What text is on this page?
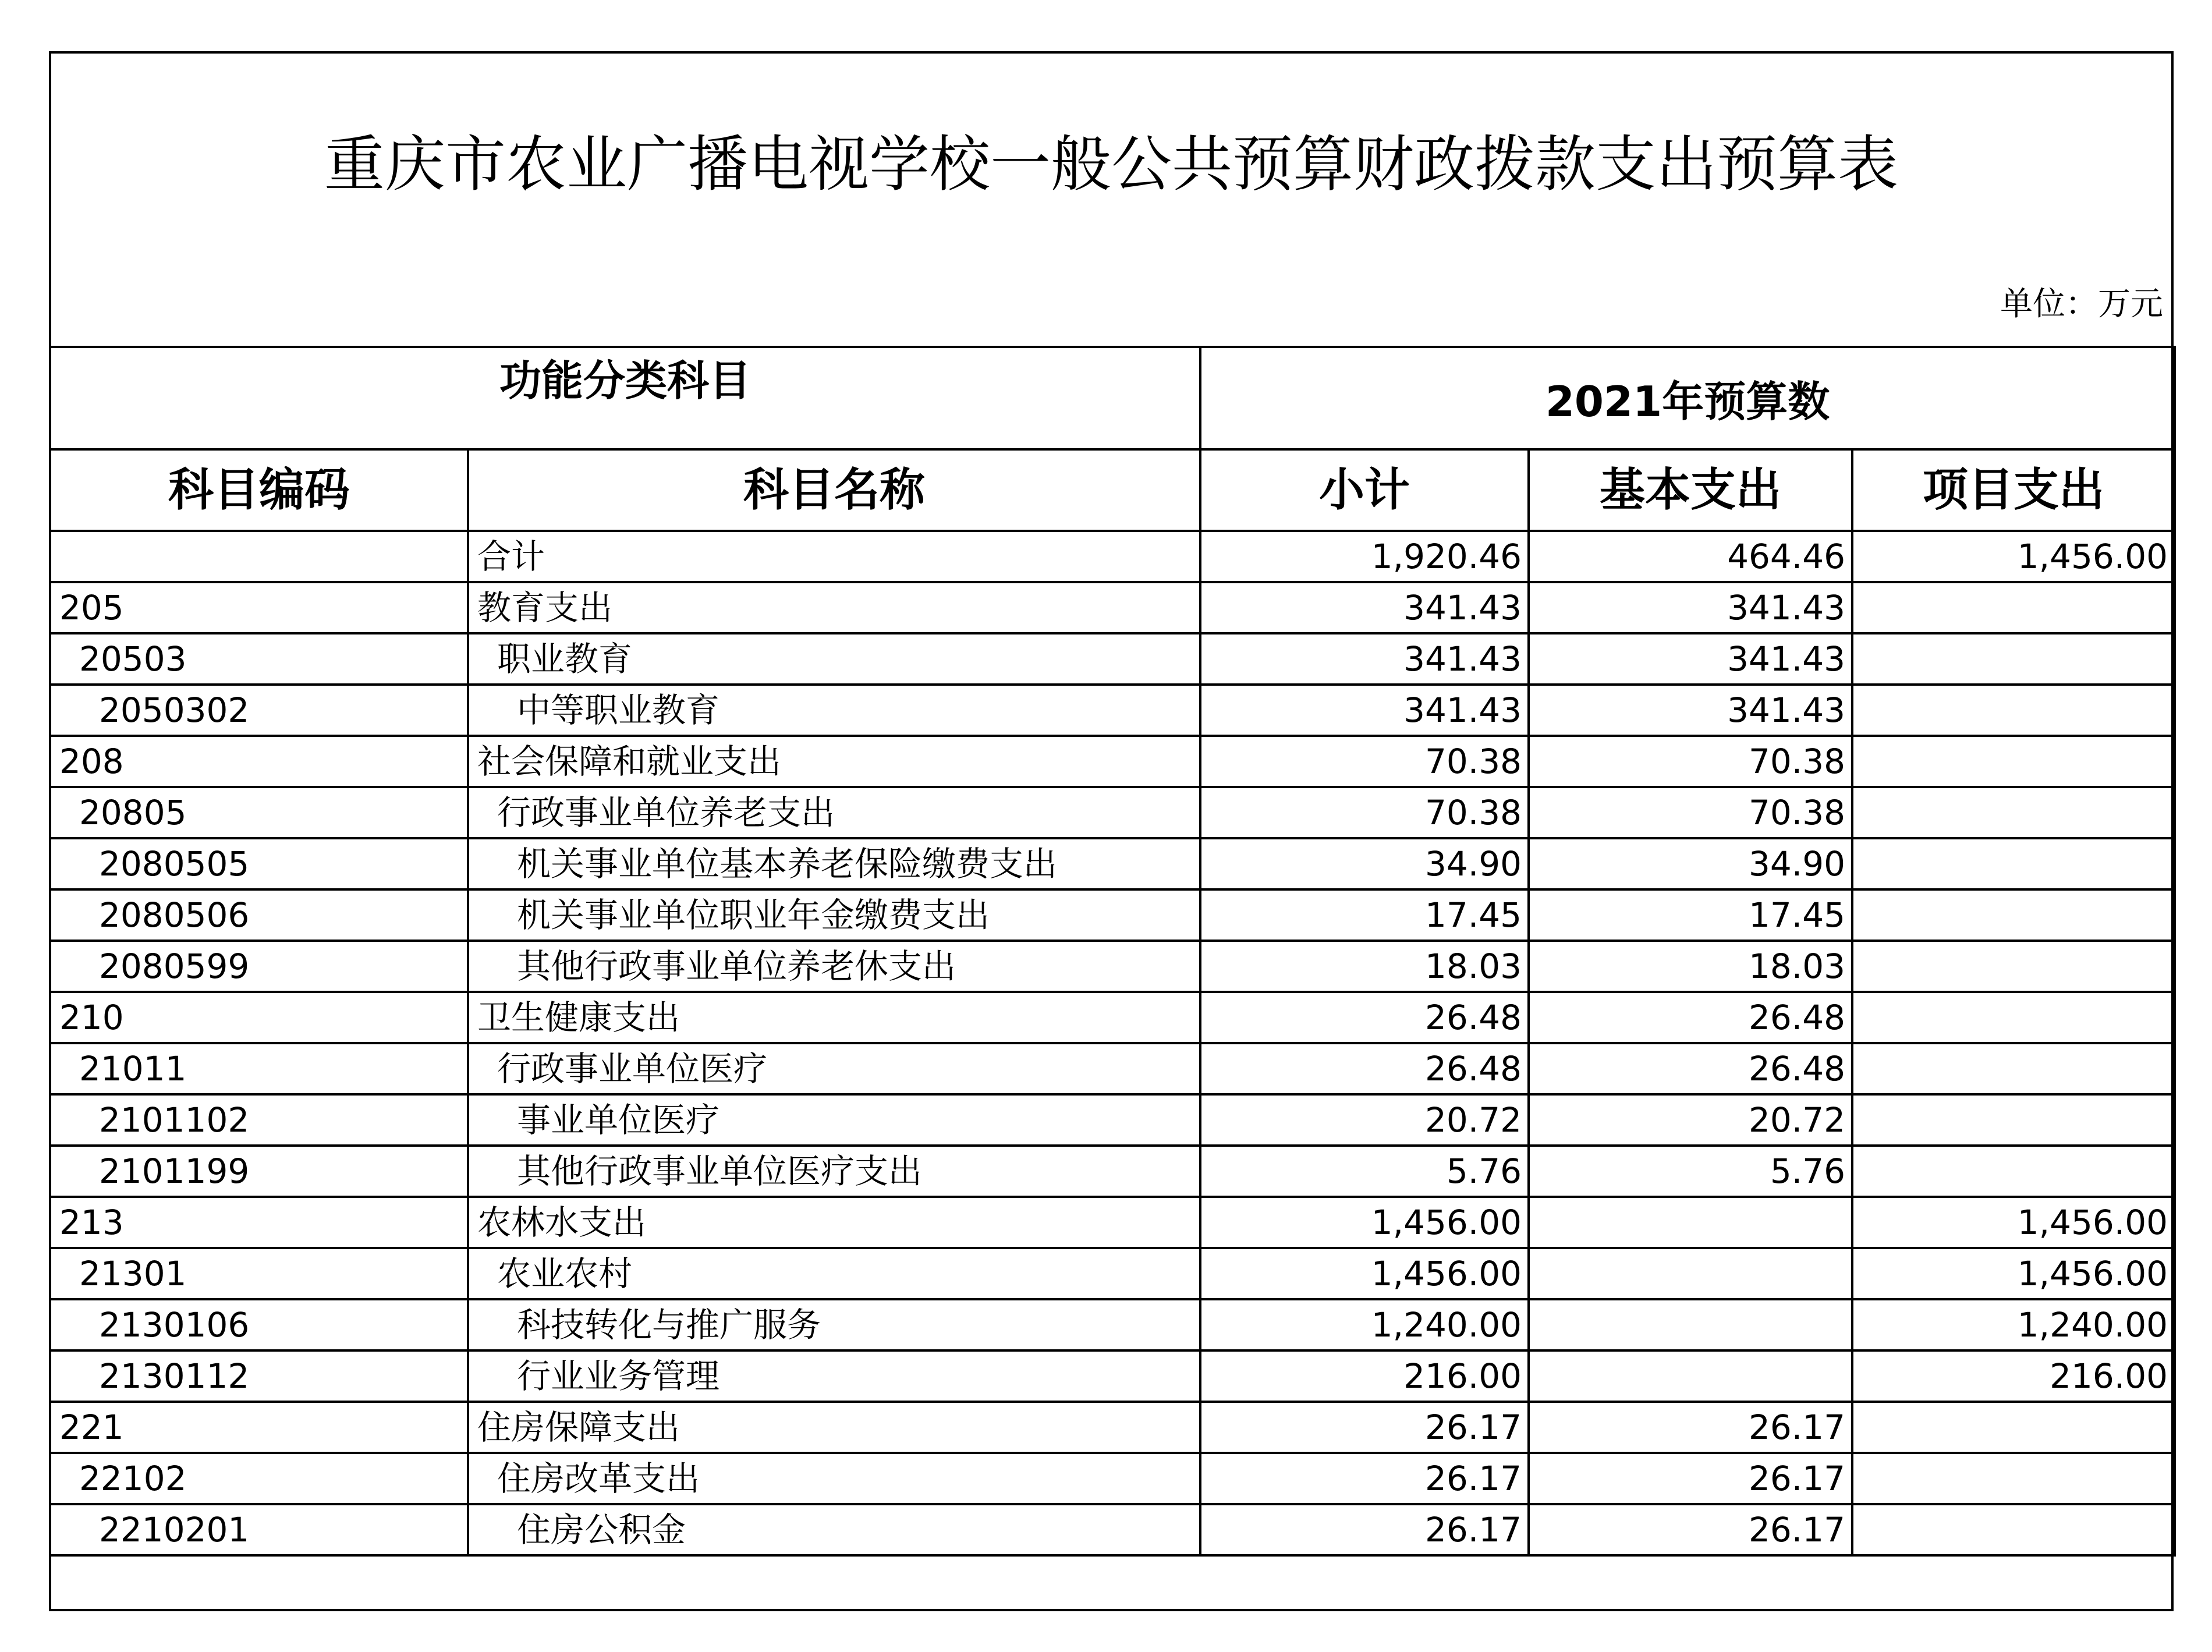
重庆市农业广播电视学校一般公共预算财政拨款支出预算表
单位：万元
功能分类科目		2021年预算数		

科目编码	科目名称	小计	基本支出	项目支出
	合计	1,920.46	464.46	1,456.00
205	教育支出	341.43	341.43	
20503	职业教育	341.43	341.43	
2050302	中等职业教育	341.43	341.43	
208	社会保障和就业支出	70.38	70.38	
20805	行政事业单位养老支出	70.38	70.38	
2080505	机关事业单位基本养老保险缴费支出	34.90	34.90	
2080506	机关事业单位职业年金缴费支出	17.45	17.45	
2080599	其他行政事业单位养老休支出	18.03	18.03	
210	卫生健康支出	26.48	26.48	
21011	行政事业单位医疗	26.48	26.48	
2101102	事业单位医疗	20.72	20.72	
2101199	其他行政事业单位医疗支出	5.76	5.76	
213	农林水支出	1,456.00		1,456.00
21301	农业农村	1,456.00		1,456.00
2130106	科技转化与推广服务	1,240.00		1,240.00
2130112	行业业务管理	216.00		216.00
221	住房保障支出	26.17	26.17	
22102	住房改革支出	26.17	26.17	
2210201	住房公积金	26.17	26.17	
